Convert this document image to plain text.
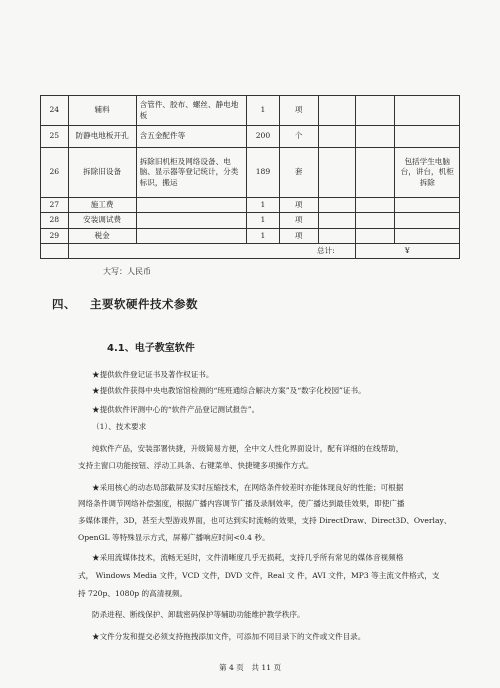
24	辅料	含管件、胶布、螺丝、静电地板	1	项			
25	防静电地板开孔	含五金配件等	200	个			
26	拆除旧设备	拆除旧机柜及网络设备、电脑、显示器等登记统计，分类标识，搬运	189	套			包括学生电脑台，讲台，机柜拆除
27	施工费		1	项			
28	安装调试费		1	项			
29	税金		1	项			
	总计:					¥	
大写：人民币
四、 主要软硬件技术参数
4.1、电子教室软件
★提供软件登记证书及著作权证书。
★提供软件获得中央电教馆馆检测的“班班通综合解决方案”及“数字化校园”证书。
★提供软件评测中心的“软件产品登记测试报告”。
（1）、技术要求
纯软件产品，安装部署快捷，升级简易方便，全中文人性化界面设计，配有详细的在线帮助，
支持主窗口功能按钮、浮动工具条、右键菜单、快捷键多项操作方式。
★采用核心的动态局部截屏及实时压缩技术，在网络条件较差时亦能体现良好的性能；可根据
网络条件调节网络补偿强度，根据广播内容调节广播及录制效率，使广播达到最佳效果，即使广播
多媒体课件，3D，甚至大型游戏界面，也可达到实时流畅的效果，支持 DirectDraw、Direct3D、Overlay、
OpenGL 等特殊显示方式，屏幕广播响应时间<0.4 秒。
★采用流媒体技术，流畅无延时，文件清晰度几乎无损耗，支持几乎所有常见的媒体音视频格
式， Windows Media 文件，VCD 文件，DVD 文件，Real 文 件，AVI 文件，MP3 等主流文件格式，支
持 720p、1080p 的高清视频。
防杀进程、断线保护、卸载密码保护等辅助功能维护教学秩序。
★文件分发和提交必须支持拖拽添加文件，可添加不同目录下的文件或文件目录。
第 4 页　共 11 页
